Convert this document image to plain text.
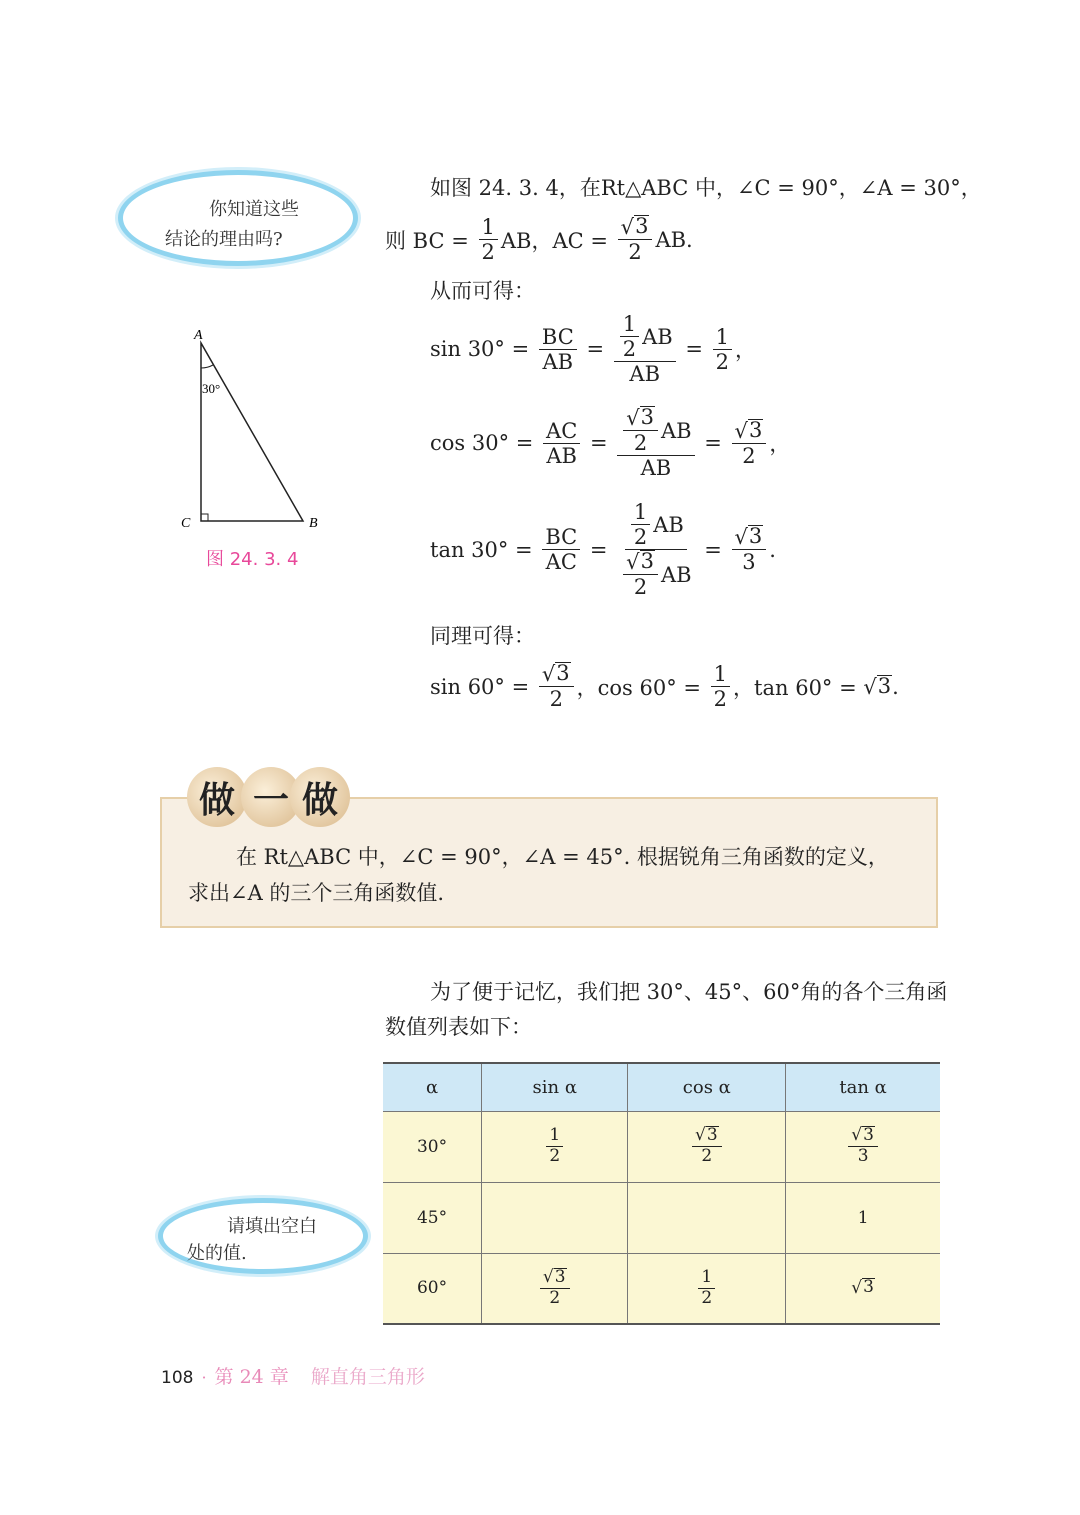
你知道这些
结论的理由吗?
A
C	B
30°
图 24. 3. 4
如图 24. 3. 4，在Rt△ABC 中，∠C = 90°，∠A = 30°，
则 BC = $\frac{1}{2}$ AB，AC = $\frac{√ 3}{2}$ AB.
从而可得：
$\sin 30^\circ = \frac{BC}{AB} = \frac{\frac{1}{2} AB}{AB} = \frac{1}{2}$ ，
$\cos 30^\circ = \frac{AC}{AB} = \frac{\frac{√ 3}{2} AB}{AB} = \frac{√ 3}{2}$ ，
$\tan 30^\circ = \frac{BC}{AC} = \frac{\frac{1}{2} AB}{\frac{√ 3}{2} AB} = \frac{√ 3}{3}$ .
同理可得：
$\sin 60^\circ = \frac{√ 3}{2}$ ，$\cos 60^\circ = \frac{1}{2}$ ，tan 60° = √ 3 .
在 Rt△ABC 中，∠C = 90°，∠A = 45°. 根据锐角三角函数的定义，
求出∠A 的三个三角函数值.
做 一 做
为了便于记忆，我们把 30°、45°、60°角的各个三角函
数值列表如下：
α	sin α	cos α	tan α
30°	$\frac{1}{2}$	$\frac{√ 3}{2}$	$\frac{√ 3}{3}$

45°			1
60°	$\frac{√ 3}{2}$	$\frac{1}{2}$	√ 3
请填出空白
处的值.
108 · 第 24 章 解直角三角形
